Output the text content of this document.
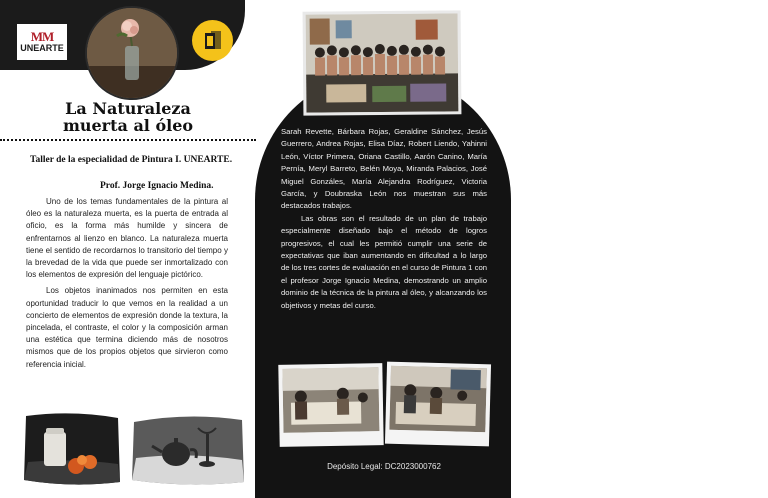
MM
UNEARTE
La Naturaleza
muerta al óleo
Taller de la especialidad de Pintura I. UNEARTE.
Prof. Jorge Ignacio Medina.

Uno de los temas fundamentales de la pintura al óleo es la naturaleza muerta, es la puerta de entrada al oficio, es la forma más humilde y sincera de enfrentarnos al lienzo en blanco. La naturaleza muerta tiene el sentido de recordarnos lo transitorio del tiempo y la brevedad de la vida que puede ser inmortalizado con los elementos de expresión del lenguaje pictórico.

Los objetos inanimados nos permiten en esta oportunidad traducir lo que vemos en la realidad a un concierto de elementos de expresión donde la textura, la pincelada, el contraste, el color y la composición arman una estética que termina diciendo más de nosotros mismos que de los propios objetos que sirvieron como referencia inicial.

Sarah Revette, Bárbara Rojas, Geraldine Sánchez, Jesús Guerrero, Andrea Rojas, Elisa Díaz, Robert Liendo, Yahinni León, Víctor Primera, Oriana Castillo, Aarón Canino, María Pernía, Meryl Barreto, Belén Moya, Miranda Palacios, José Miguel Gonzáles, María Alejandra Rodríguez, Victoria García, y Doubraska León nos muestran sus más destacados trabajos.

Las obras son el resultado de un plan de trabajo especialmente diseñado bajo el método de logros progresivos, el cual les permitió cumplir una serie de expectativas que iban aumentando en dificultad a lo largo de los tres cortes de evaluación en el curso de Pintura 1 con el profesor Jorge Ignacio Medina, demostrando un amplio dominio de la técnica de la pintura al óleo, y alcanzando los objetivos y metas del curso.

Depósito Legal: DC2023000762
